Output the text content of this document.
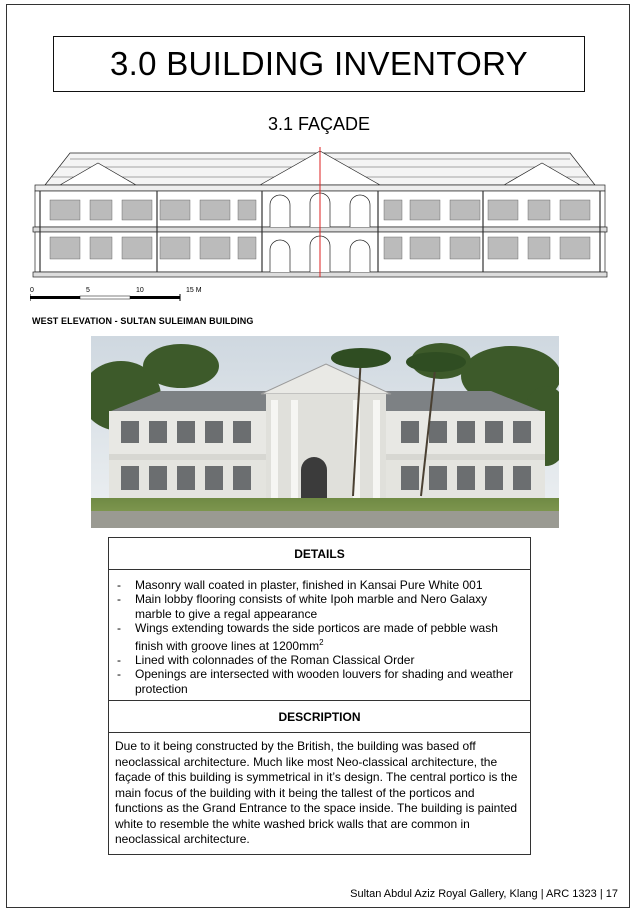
3.0 BUILDING INVENTORY
3.1 FAÇADE
0	5	10	15 M
WEST ELEVATION - SULTAN SULEIMAN BUILDING
DETAILS
- Masonry wall coated in plaster, finished in Kansai Pure White 001
- Main lobby flooring consists of white Ipoh marble and Nero Galaxy marble to give a regal appearance
- Wings extending towards the side porticos are made of pebble wash finish with groove lines at $1200mm^2$
- Lined with colonnades of the Roman Classical Order
- Openings are intersected with wooden louvers for shading and weather protection
DESCRIPTION
Due to it being constructed by the British, the building was based off neoclassical architecture. Much like most Neo-classical architecture, the façade of this building is symmetrical in it’s design. The central portico is the main focus of the building with it being the tallest of the porticos and functions as the Grand Entrance to the space inside. The building is painted white to resemble the white washed brick walls that are common in neoclassical architecture.
Sultan Abdul Aziz Royal Gallery, Klang | ARC 1323 | 17
